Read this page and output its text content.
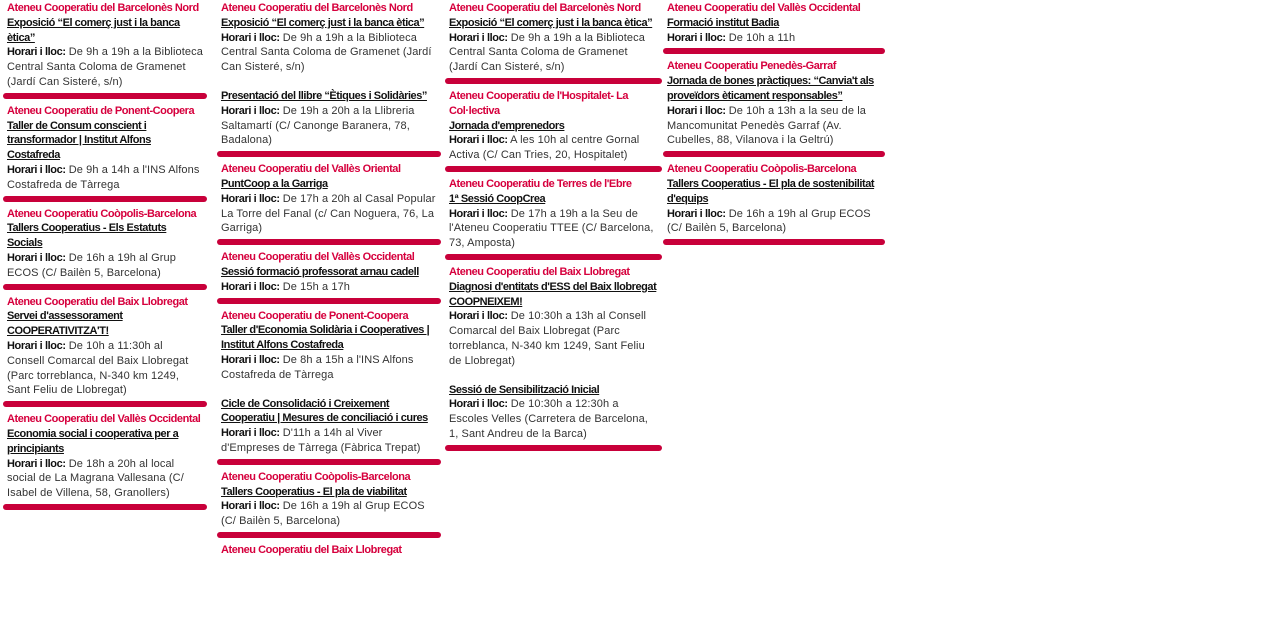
Ateneu Cooperatiu del Barcelonès Nord
Exposició “El comerç just i la banca ètica”
Horari i lloc: De 9h a 19h a la Biblioteca Central Santa Coloma de Gramenet (Jardí Can Sisteré, s/n)
Ateneu Cooperatiu de Ponent-Coopera
Taller de Consum conscient i transformador | Institut Alfons Costafreda
Horari i lloc: De 9h a 14h a l'INS Alfons Costafreda de Tàrrega
Ateneu Cooperatiu Coòpolis-Barcelona
Tallers Cooperatius - Els Estatuts Socials
Horari i lloc: De 16h a 19h al Grup ECOS (C/ Bailèn 5, Barcelona)
Ateneu Cooperatiu del Baix Llobregat
Servei d'assessorament COOPERATIVITZA'T!
Horari i lloc: De 10h a 11:30h al Consell Comarcal del Baix Llobregat (Parc torreblanca, N-340 km 1249, Sant Feliu de Llobregat)
Ateneu Cooperatiu del Vallès Occidental
Economia social i cooperativa per a principiants
Horari i lloc: De 18h a 20h al local social de La Magrana Vallesana (C/ Isabel de Villena, 58, Granollers)
Ateneu Cooperatiu del Barcelonès Nord
Exposició “El comerç just i la banca ètica”
Horari i lloc: De 9h a 19h a la Biblioteca Central Santa Coloma de Gramenet (Jardí Can Sisteré, s/n)
Presentació del llibre “Ètiques i Solidàries”
Horari i lloc: De 19h a 20h a la Llibreria Saltamartí (C/ Canonge Baranera, 78, Badalona)
Ateneu Cooperatiu del Vallès Oriental
PuntCoop a la Garriga
Horari i lloc: De 17h a 20h al Casal Popular La Torre del Fanal (c/ Can Noguera, 76, La Garriga)
Ateneu Cooperatiu del Vallès Occidental
Sessió formació professorat arnau cadell
Horari i lloc: De 15h a 17h
Ateneu Cooperatiu de Ponent-Coopera
Taller d'Economia Solidària i Cooperatives | Institut Alfons Costafreda
Horari i lloc: De 8h a 15h a l'INS Alfons Costafreda de Tàrrega
Cicle de Consolidació i Creixement Cooperatiu | Mesures de conciliació i cures
Horari i lloc: D'11h a 14h al Viver d'Empreses de Tàrrega (Fàbrica Trepat)
Ateneu Cooperatiu Coòpolis-Barcelona
Tallers Cooperatius - El pla de viabilitat
Horari i lloc: De 16h a 19h al Grup ECOS (C/ Bailèn 5, Barcelona)
Ateneu Cooperatiu del Baix Llobregat
Ateneu Cooperatiu del Barcelonès Nord
Exposició “El comerç just i la banca ètica”
Horari i lloc: De 9h a 19h a la Biblioteca Central Santa Coloma de Gramenet (Jardí Can Sisteré, s/n)
Ateneu Cooperatiu de l'Hospitalet- La Col·lectiva
Jornada d'emprenedors
Horari i lloc: A les 10h al centre Gornal Activa (C/ Can Tries, 20, Hospitalet)
Ateneu Cooperatiu de Terres de l'Ebre
1ª Sessió CoopCrea
Horari i lloc: De 17h a 19h a la Seu de l'Ateneu Cooperatiu TTEE (C/ Barcelona, 73, Amposta)
Ateneu Cooperatiu del Baix Llobregat
Diagnosi d'entitats d'ESS del Baix llobregat COOPNEIXEM!
Horari i lloc: De 10:30h a 13h al Consell Comarcal del Baix Llobregat (Parc torreblanca, N-340 km 1249, Sant Feliu de Llobregat)
Sessió de Sensibilització Inicial
Horari i lloc: De 10:30h a 12:30h a Escoles Velles (Carretera de Barcelona, 1, Sant Andreu de la Barca)
Ateneu Cooperatiu del Vallès Occidental
Formació institut Badia
Horari i lloc: De 10h a 11h
Ateneu Cooperatiu Penedès-Garraf
Jornada de bones pràctiques: “Canvia't als proveïdors èticament responsables”
Horari i lloc: De 10h a 13h a la seu de la Mancomunitat Penedès Garraf (Av. Cubelles, 88, Vilanova i la Geltrú)
Ateneu Cooperatiu Coòpolis-Barcelona
Tallers Cooperatius - El pla de sostenibilitat d'equips
Horari i lloc: De 16h a 19h al Grup ECOS (C/ Bailèn 5, Barcelona)
